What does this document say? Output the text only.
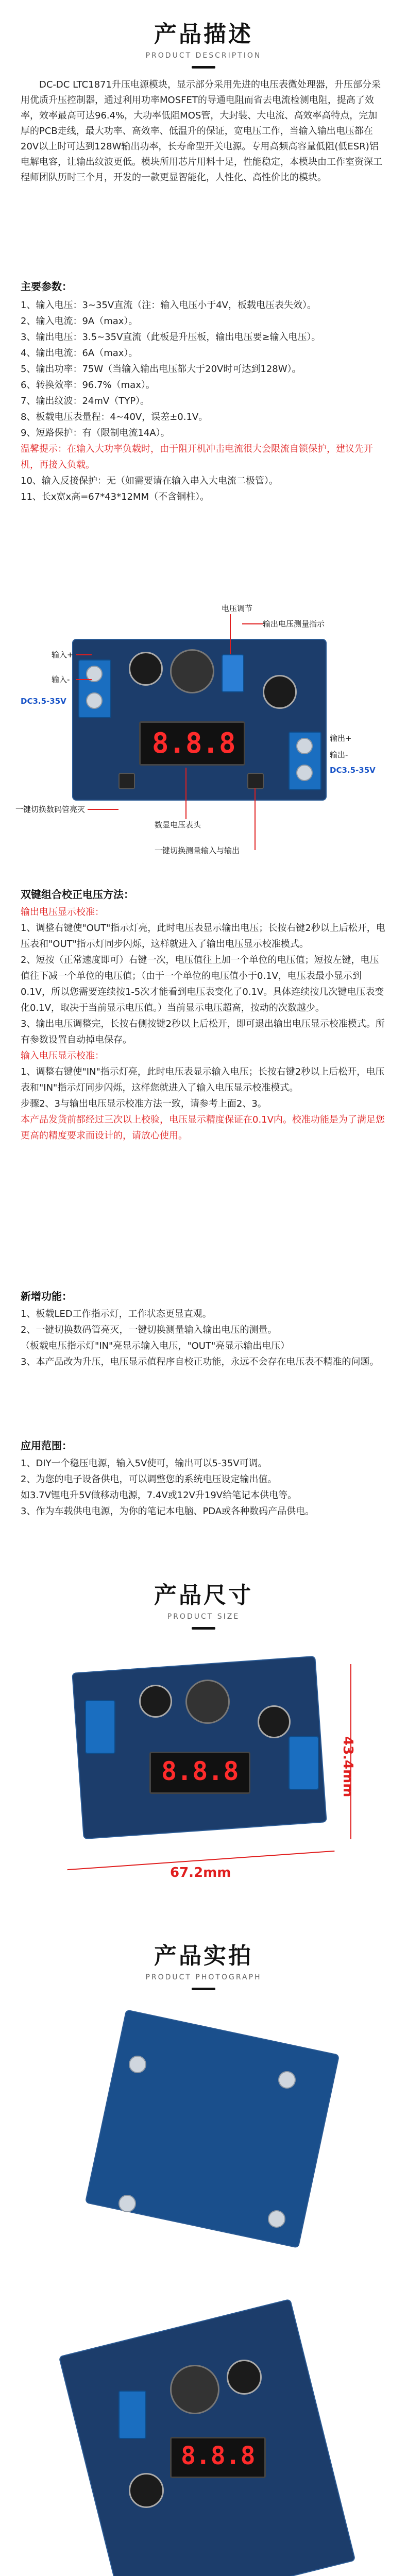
产品描述
PRODUCT DESCRIPTION
DC-DC LTC1871升压电源模块，显示部分采用先进的电压表微处理器，升压部分采用优质升压控制器，通过利用功率MOSFET的导通电阻而省去电流检测电阻，提高了效率，效率最高可达96.4%，大功率低阻MOS管，大封装、大电流、高效率高特点，完加厚的PCB走线，最大功率、高效率、低温升的保证，宽电压工作，当输入输出电压都在20V以上时可达到128W输出功率，长寿命型开关电源。专用高频高容量低阻(低ESR)铝电解电容，让输出纹波更低。模块所用芯片用料十足，性能稳定，本模块由工作室资深工程师团队历时三个月，开发的一款更显智能化，人性化、高性价比的模块。
主要参数：
1、输入电压：3~35V直流（注：输入电压小于4V，板载电压表失效）。
2、输入电流：9A（max）。
3、输出电压：3.5~35V直流（此板是升压板，输出电压要≥输入电压）。
4、输出电流：6A（max）。
5、输出功率：75W（当输入输出电压都大于20V时可达到128W）。
6、转换效率：96.7%（max）。
7、输出纹波：24mV（TYP）。
8、板载电压表量程：4~40V，误差±0.1V。
9、短路保护：有（限制电流14A）。
温馨提示：在输入大功率负载时，由于阻开机冲击电流很大会限流自锁保护，建议先开机，再接入负载。
10、输入反接保护：无（如需要请在输入串入大电流二极管）。
11、长x宽x高=67*43*12MM（不含铜柱）。
8.8.8
电压调节
输出电压测量指示
输入+
输入-
DC3.5-35V
输出+
输出-
DC3.5-35V
一键切换数码管亮灭
数显电压表头
一键切换测量输入与输出
双键组合校正电压方法：
输出电压显示校准：
1、调整右键使"OUT"指示灯亮，此时电压表显示输出电压；长按右键2秒以上后松开，电压表和"OUT"指示灯同步闪烁，这样就进入了输出电压显示校准模式。
2、短按（正常速度即可）右键一次，电压值往上加一个单位的电压值；短按左键，电压值往下减一个单位的电压值；（由于一个单位的电压值小于0.1V，电压表最小显示到0.1V，所以您需要连续按1-5次才能看到电压表变化了0.1V。具体连续按几次键电压表变化0.1V，取决于当前显示电压值。）当前显示电压超高，按动的次数越少。
3、输出电压调整完，长按右侧按键2秒以上后松开，即可退出输出电压显示校准模式。所有参数设置自动掉电保存。
输入电压显示校准：
1、调整右键使"IN"指示灯亮，此时电压表显示输入电压；长按右键2秒以上后松开，电压表和"IN"指示灯同步闪烁，这样您就进入了输入电压显示校准模式。
步骤2、3与输出电压显示校准方法一致，请参考上面2、3。
本产品发货前都经过三次以上校验，电压显示精度保证在0.1V内。校准功能是为了满足您更高的精度要求而设计的，请放心使用。
新增功能：
1、板载LED工作指示灯，工作状态更显直观。
2、一键切换数码管亮灭，一键切换测量输入输出电压的测量。
（板载电压指示灯"IN"亮显示输入电压，"OUT"亮显示输出电压）
3、本产品改为升压，电压显示值程序自校正功能，永远不会存在电压表不精准的问题。
应用范围：
1、DIY一个稳压电源，输入5V使可，输出可以5-35V可调。
2、为您的电子设备供电，可以调整您的系统电压设定输出值。
如3.7V锂电升5V做移动电源，7.4V或12V升19V给笔记本供电等。
3、作为车载供电电源，为你的笔记本电脑、PDA或各种数码产品供电。
产品尺寸
PRODUCT SIZE
8.8.8
67.2mm
43.4mm
产品实拍
PRODUCT PHOTOGRAPH
8.8.8
